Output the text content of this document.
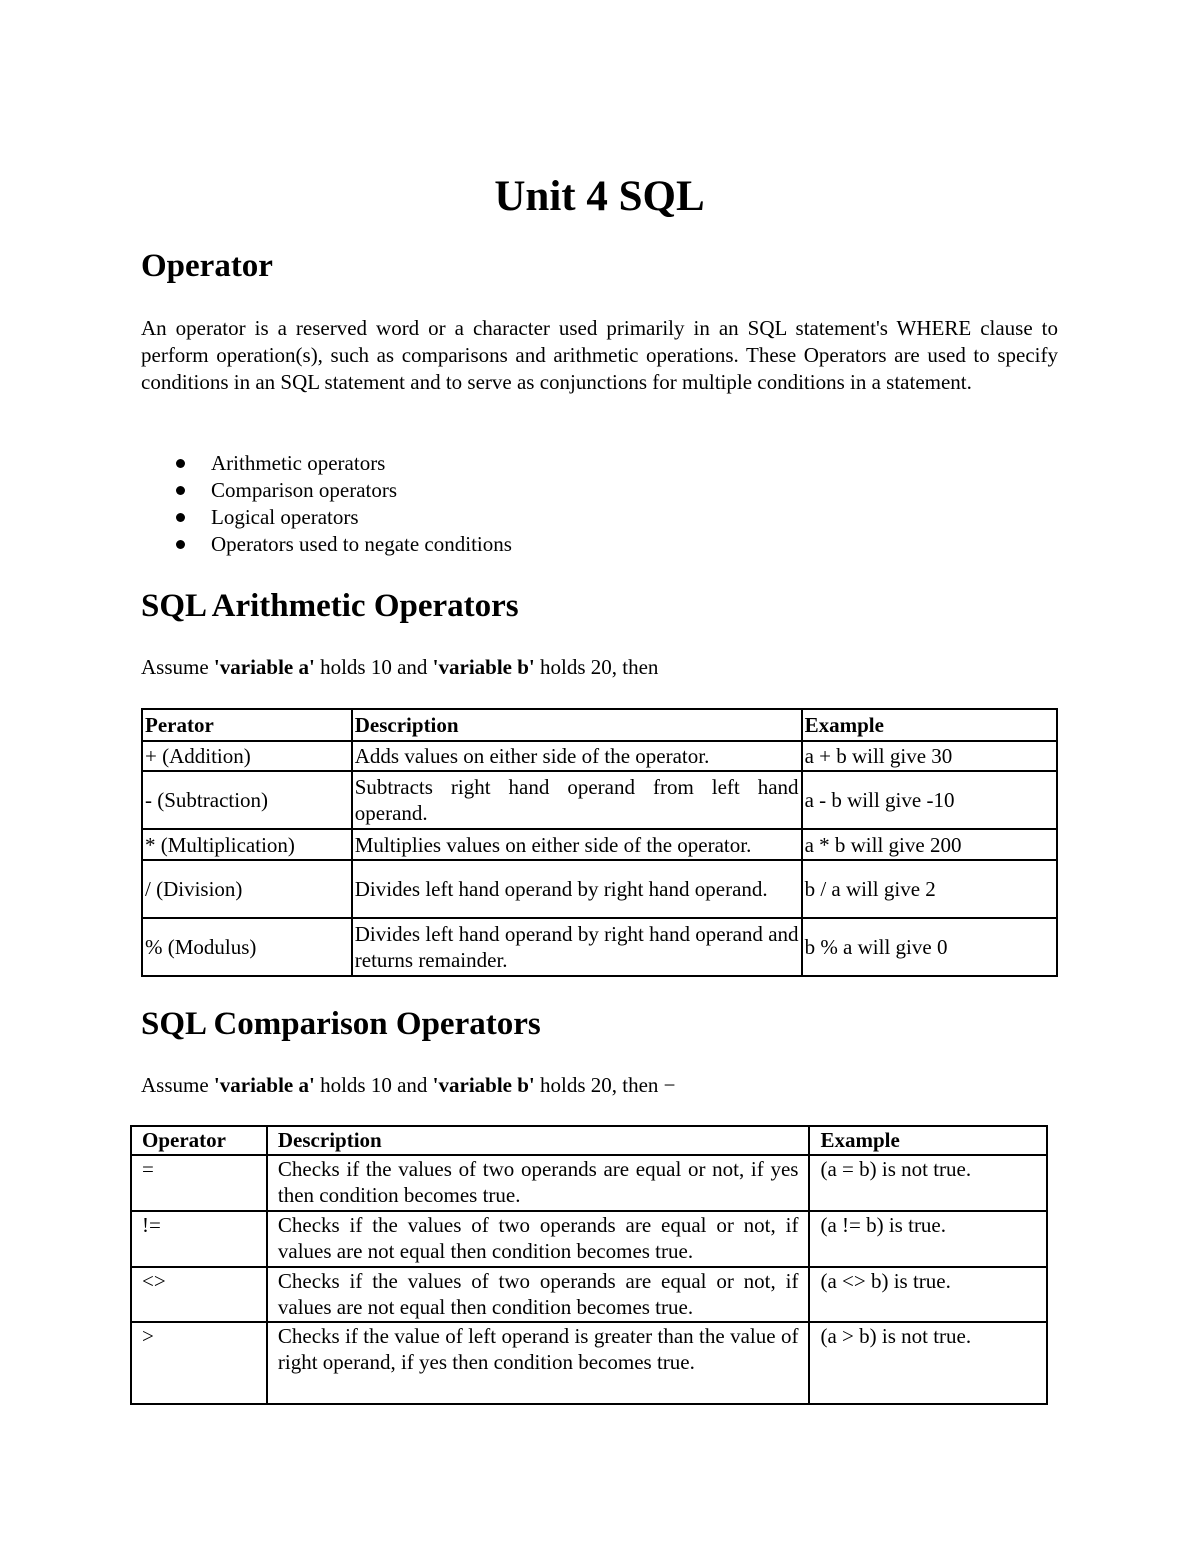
Unit 4 SQL
Operator

An operator is a reserved word or a character used primarily in an SQL statement's WHERE clause to perform operation(s), such as comparisons and arithmetic operations. These Operators are used to specify conditions in an SQL statement and to serve as conjunctions for multiple conditions in a statement.

Arithmetic operators
Comparison operators
Logical operators
Operators used to negate conditions
SQL Arithmetic Operators

Assume 'variable a' holds 10 and 'variable b' holds 20, then

Perator	Description	Example
+ (Addition)	Adds values on either side of the operator.	a + b will give 30
- (Subtraction)	Subtracts right hand operand from left hand operand.	a - b will give -10
* (Multiplication)	Multiplies values on either side of the operator.	a * b will give 200
/ (Division)	Divides left hand operand by right hand operand.	b / a will give 2
% (Modulus)	Divides left hand operand by right hand operand and returns remainder.	b % a will give 0
SQL Comparison Operators

Assume 'variable a' holds 10 and 'variable b' holds 20, then −

Operator	Description	Example
=	Checks if the values of two operands are equal or not, if yes then condition becomes true.	(a = b) is not true.
!=	Checks if the values of two operands are equal or not, if values are not equal then condition becomes true.	(a != b) is true.
<>	Checks if the values of two operands are equal or not, if values are not equal then condition becomes true.	(a <> b) is true.
>	Checks if the value of left operand is greater than the value of right operand, if yes then condition becomes true.	(a > b) is not true.
